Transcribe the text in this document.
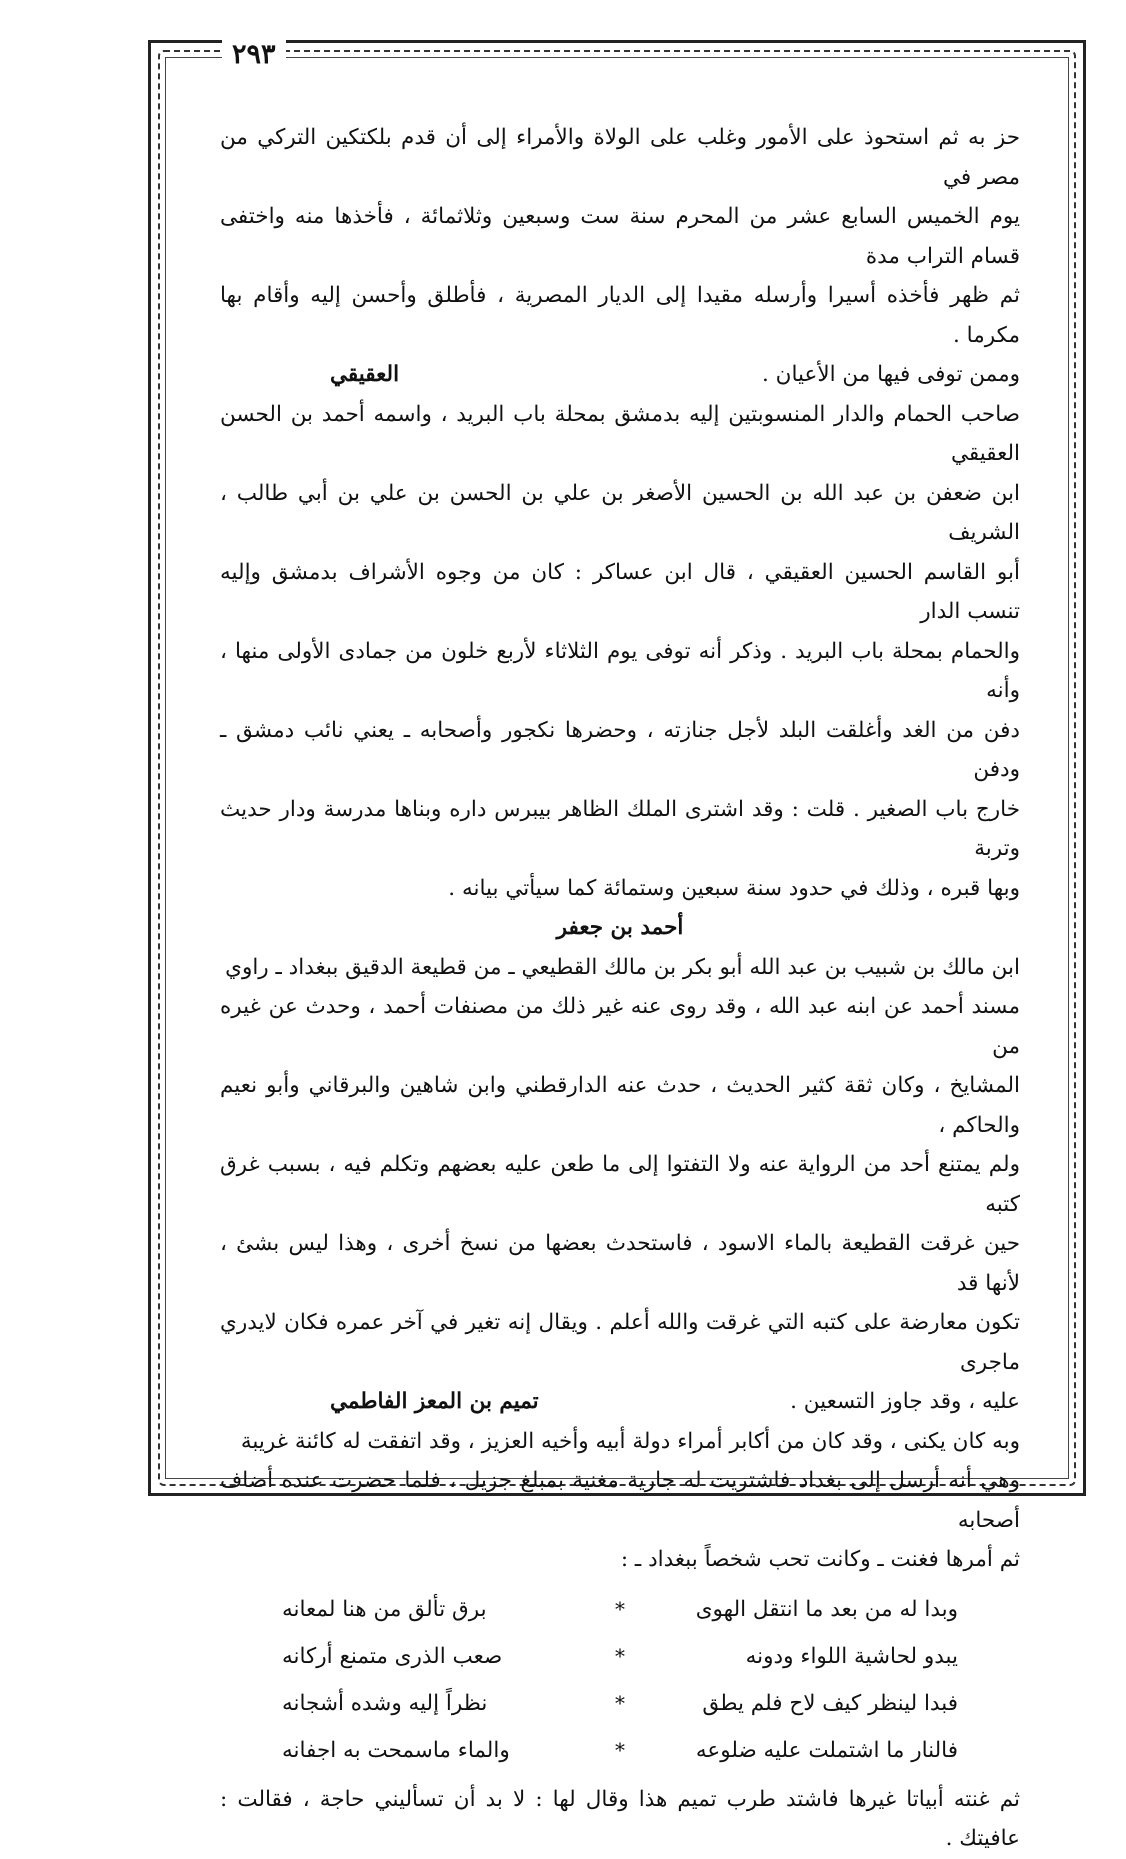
٢٩٣

حز به ثم استحوذ على الأمور وغلب على الولاة والأمراء إلى أن قدم بلكتكين التركي من مصر في

يوم الخميس السابع عشر من المحرم سنة ست وسبعين وثلاثمائة ، فأخذها منه واختفى قسام التراب مدة

ثم ظهر فأخذه أسيرا وأرسله مقيدا إلى الديار المصرية ، فأطلق وأحسن إليه وأقام بها مكرما .

وممن توفى فيها من الأعيان .
العقيقي

صاحب الحمام والدار المنسوبتين إليه بدمشق بمحلة باب البريد ، واسمه أحمد بن الحسن العقيقي

ابن ضعفن بن عبد الله بن الحسين الأصغر بن علي بن الحسن بن علي بن أبي طالب ، الشريف

أبو القاسم الحسين العقيقي ، قال ابن عساكر : كان من وجوه الأشراف بدمشق وإليه تنسب الدار

والحمام بمحلة باب البريد . وذكر أنه توفى يوم الثلاثاء لأربع خلون من جمادى الأولى منها ، وأنه

دفن من الغد وأغلقت البلد لأجل جنازته ، وحضرها نكجور وأصحابه ـ يعني نائب دمشق ـ ودفن

خارج باب الصغير . قلت : وقد اشترى الملك الظاهر بيبرس داره وبناها مدرسة ودار حديث وتربة

وبها قبره ، وذلك في حدود سنة سبعين وستمائة كما سيأتي بيانه .

أحمد بن جعفر

ابن مالك بن شبيب بن عبد الله أبو بكر بن مالك القطيعي ـ من قطيعة الدقيق ببغداد ـ راوي

مسند أحمد عن ابنه عبد الله ، وقد روى عنه غير ذلك من مصنفات أحمد ، وحدث عن غيره من

المشايخ ، وكان ثقة كثير الحديث ، حدث عنه الدارقطني وابن شاهين والبرقاني وأبو نعيم والحاكم ،

ولم يمتنع أحد من الرواية عنه ولا التفتوا إلى ما طعن عليه بعضهم وتكلم فيه ، بسبب غرق كتبه

حين غرقت القطيعة بالماء الاسود ، فاستحدث بعضها من نسخ أخرى ، وهذا ليس بشئ ، لأنها قد

تكون معارضة على كتبه التي غرقت والله أعلم . ويقال إنه تغير في آخر عمره فكان لايدري ماجرى

عليه ، وقد جاوز التسعين .
تميم بن المعز الفاطمي

وبه كان يكنى ، وقد كان من أكابر أمراء دولة أبيه وأخيه العزيز ، وقد اتفقت له كائنة غريبة

وهي أنه أرسل إلى بغداد فاشتريت له جارية مغنية بمبلغ جزيل ، فلما حضرت عنده أضاف أصحابه

ثم أمرها فغنت ـ وكانت تحب شخصاً ببغداد ـ :

وبدا له من بعد ما انتقل الهوى
*
برق تألق من هنا لمعانه
يبدو لحاشية اللواء ودونه
*
صعب الذرى متمنع أركانه
فبدا لينظر كيف لاح فلم يطق
*
نظراً إليه وشده أشجانه
فالنار ما اشتملت عليه ضلوعه
*
والماء ماسمحت به اجفانه

ثم غنته أبياتا غيرها فاشتد طرب تميم هذا وقال لها : لا بد أن تسأليني حاجة ، فقالت : عافيتك .
